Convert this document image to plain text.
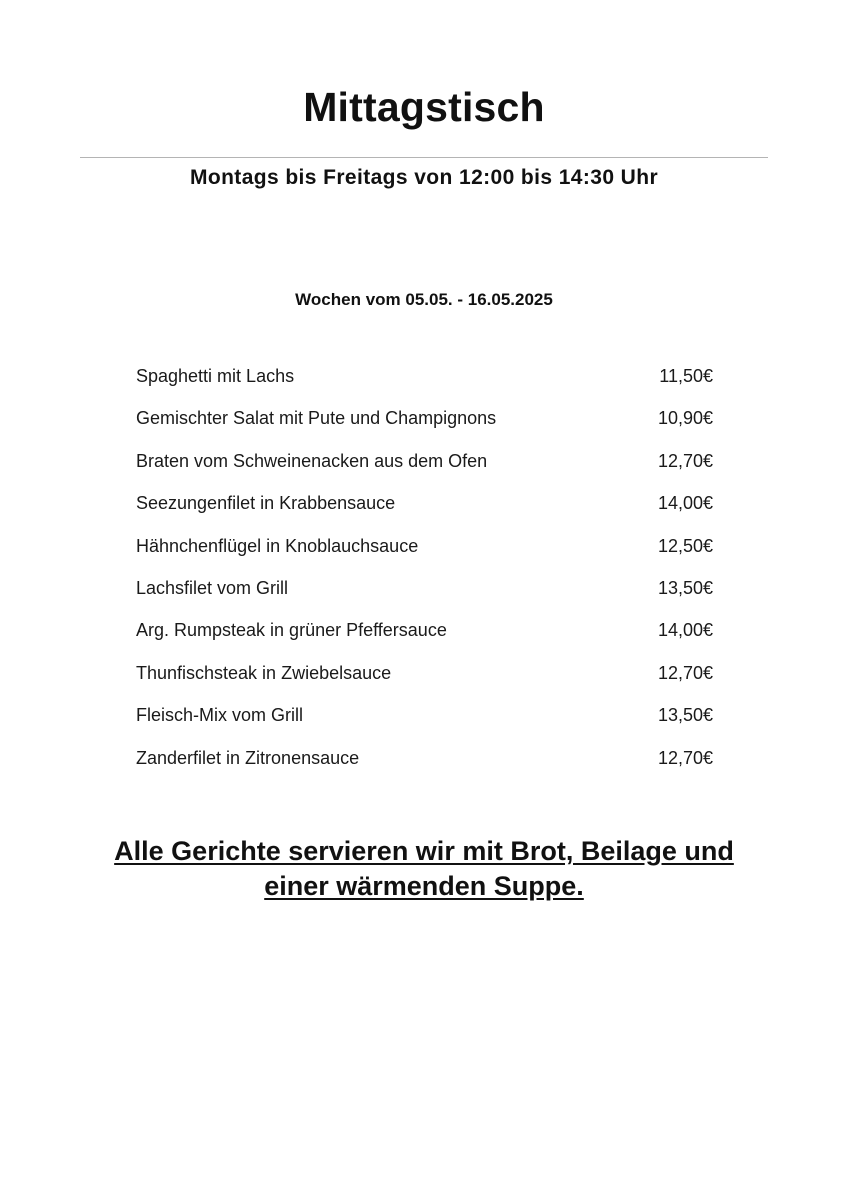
Mittagstisch
Montags bis Freitags von 12:00 bis 14:30 Uhr
Wochen vom 05.05. - 16.05.2025
Spaghetti mit Lachs	11,50€
Gemischter Salat mit Pute und Champignons	10,90€
Braten vom Schweinenacken aus dem Ofen	12,70€
Seezungenfilet in Krabbensauce	14,00€
Hähnchenflügel in Knoblauchsauce	12,50€
Lachsfilet vom Grill	13,50€
Arg. Rumpsteak in grüner Pfeffersauce	14,00€
Thunfischsteak in Zwiebelsauce	12,70€
Fleisch-Mix vom Grill	13,50€
Zanderfilet in Zitronensauce	12,70€
Alle Gerichte servieren wir mit Brot, Beilage und
einer wärmenden Suppe.
